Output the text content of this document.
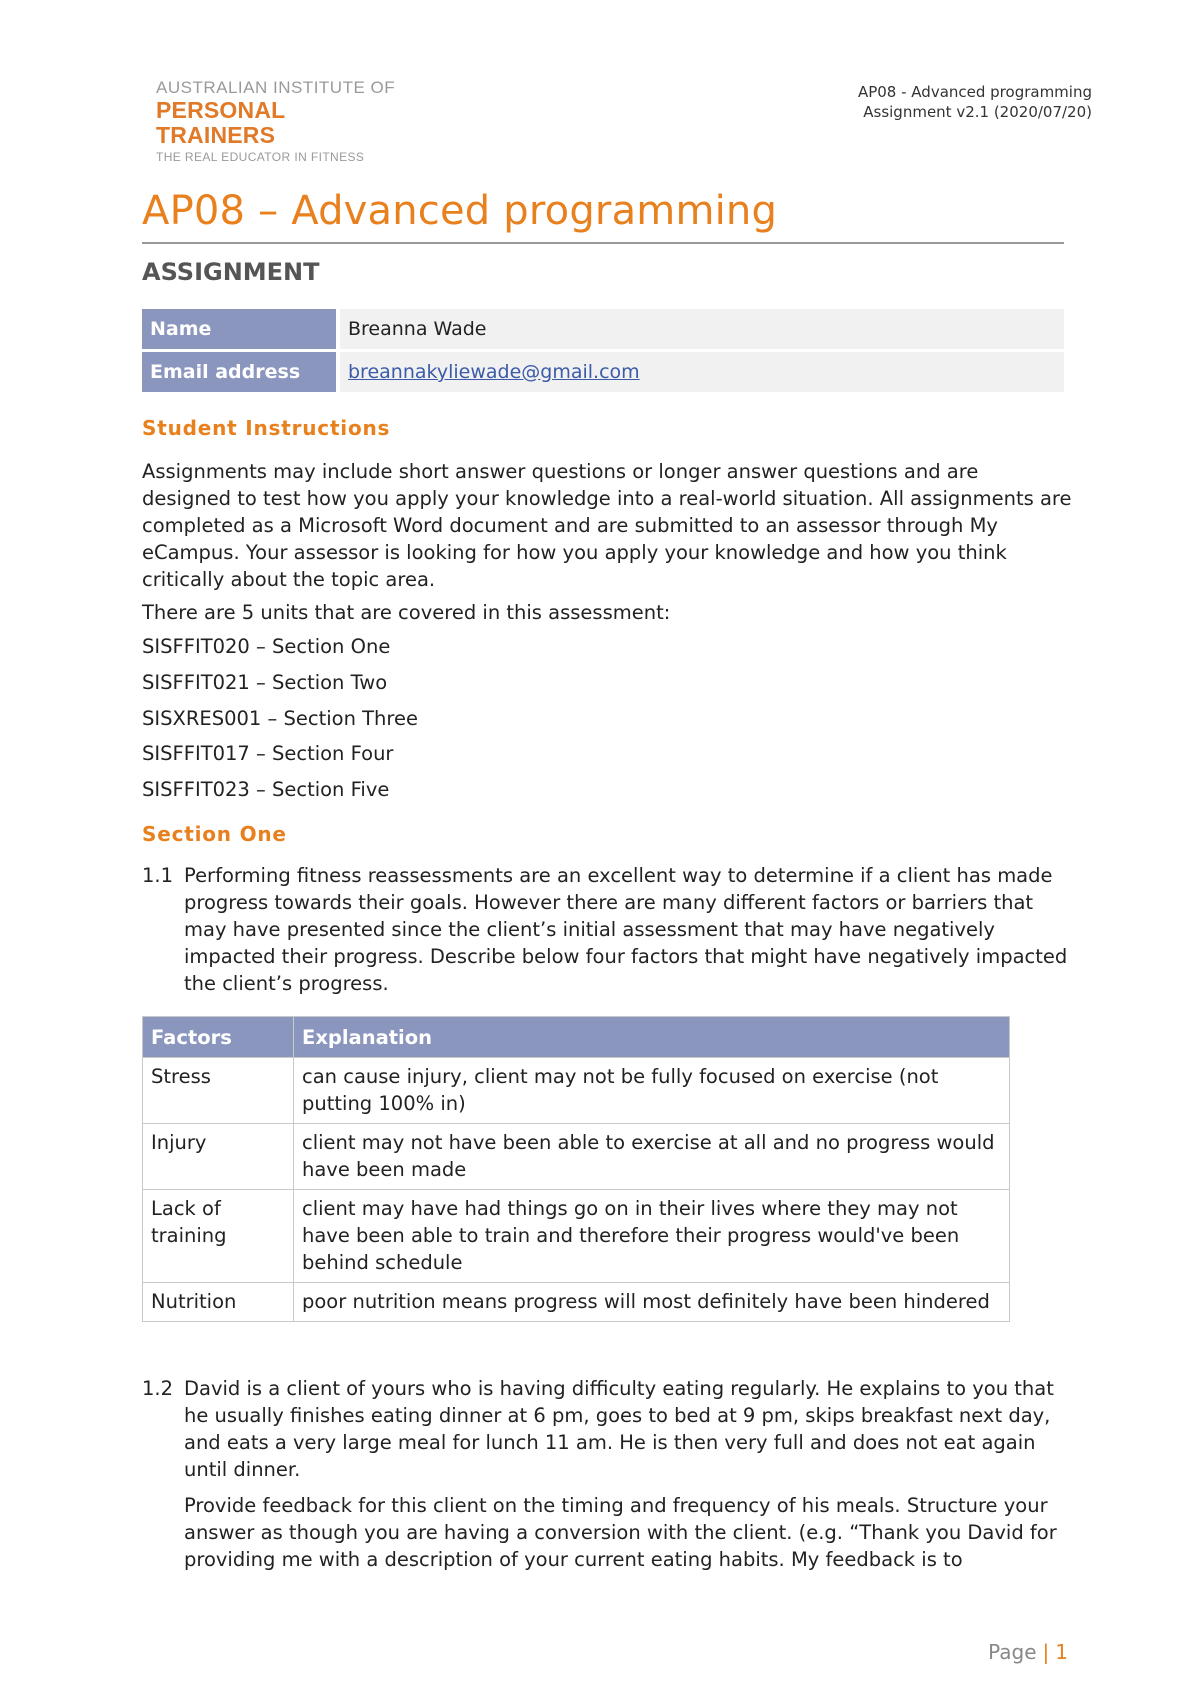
AUSTRALIAN INSTITUTE OF
PERSONAL TRAINERS
THE REAL EDUCATOR IN FITNESS
AP08 - Advanced programming
Assignment v2.1 (2020/07/20)
AP08 – Advanced programming
ASSIGNMENT
Name	Breanna Wade
Email address	breannakyliewade@gmail.com
Student Instructions
Assignments may include short answer questions or longer answer questions and are designed to test how you apply your knowledge into a real-world situation. All assignments are completed as a Microsoft Word document and are submitted to an assessor through My eCampus. Your assessor is looking for how you apply your knowledge and how you think critically about the topic area.
There are 5 units that are covered in this assessment:
SISFFIT020 – Section One
SISFFIT021 – Section Two
SISXRES001 – Section Three
SISFFIT017 – Section Four
SISFFIT023 – Section Five
Section One
1.1 Performing fitness reassessments are an excellent way to determine if a client has made progress towards their goals. However there are many different factors or barriers that may have presented since the client’s initial assessment that may have negatively impacted their progress. Describe below four factors that might have negatively impacted the client’s progress.
Factors	Explanation
Stress	can cause injury, client may not be fully focused on exercise (not putting 100% in)
Injury	client may not have been able to exercise at all and no progress would have been made
Lack of training	client may have had things go on in their lives where they may not have been able to train and therefore their progress would've been behind schedule
Nutrition	poor nutrition means progress will most definitely have been hindered
1.2 David is a client of yours who is having difficulty eating regularly. He explains to you that he usually finishes eating dinner at 6 pm, goes to bed at 9 pm, skips breakfast next day, and eats a very large meal for lunch 11 am. He is then very full and does not eat again until dinner.
Provide feedback for this client on the timing and frequency of his meals. Structure your answer as though you are having a conversion with the client. (e.g. “Thank you David for providing me with a description of your current eating habits. My feedback is to
Page | 1
